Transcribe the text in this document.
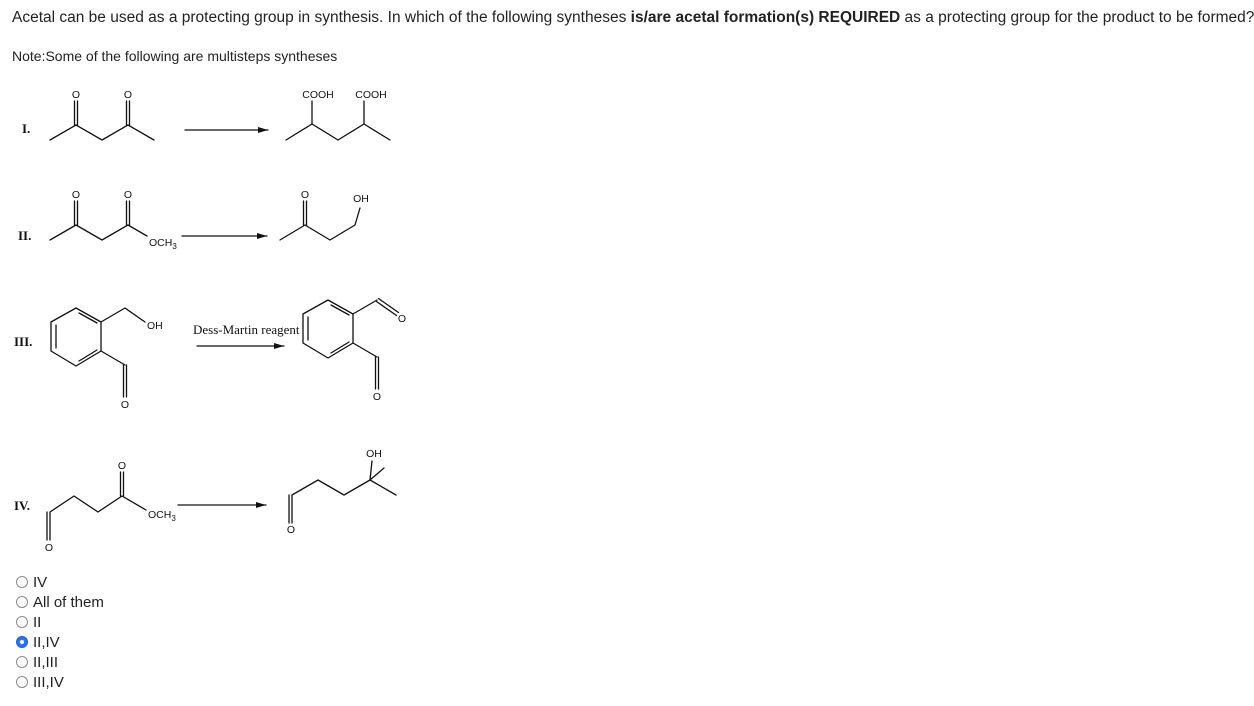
Acetal can be used as a protecting group in synthesis. In which of the following syntheses is/are acetal formation(s) REQUIRED as a protecting group for the product to be formed?
Note:Some of the following are multisteps syntheses
I.
O	O	COOH COOH
II.
O	O
$OCH_3$
O	OH
III.
OH
O
Dess-Martin reagent
O
O
IV.
O
O
$OCH_3$
O
OH
IV
All of them
II
II,IV
II,III
III,IV
